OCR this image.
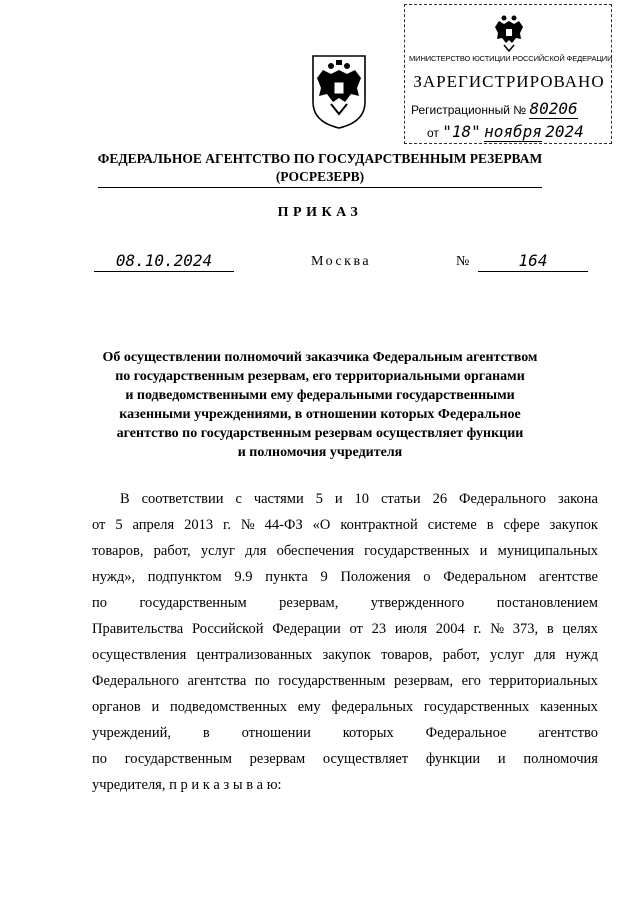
МИНИСТЕРСТВО ЮСТИЦИИ РОССИЙСКОЙ ФЕДЕРАЦИИ
ЗАРЕГИСТРИРОВАНО
Регистрационный № 80206
от "18" ноября 2024
ФЕДЕРАЛЬНОЕ АГЕНТСТВО ПО ГОСУДАРСТВЕННЫМ РЕЗЕРВАМ
(РОСРЕЗЕРВ)
ПРИКАЗ
08.10.2024	Москва	№	164
Об осуществлении полномочий заказчика Федеральным агентством
по государственным резервам, его территориальными органами
и подведомственными ему федеральными государственными
казенными учреждениями, в отношении которых Федеральное
агентство по государственным резервам осуществляет функции
и полномочия учредителя
В соответствии с частями 5 и 10 статьи 26 Федерального закона
от 5 апреля 2013 г. № 44-ФЗ «О контрактной системе в сфере закупок
товаров, работ, услуг для обеспечения государственных и муниципальных
нужд», подпунктом 9.9 пункта 9 Положения о Федеральном агентстве
по государственным резервам, утвержденного постановлением
Правительства Российской Федерации от 23 июля 2004 г. № 373, в целях
осуществления централизованных закупок товаров, работ, услуг для нужд
Федерального агентства по государственным резервам, его территориальных
органов и подведомственных ему федеральных государственных казенных
учреждений, в отношении которых Федеральное агентство
по государственным резервам осуществляет функции и полномочия
учредителя, п р и к а з ы в а ю:
